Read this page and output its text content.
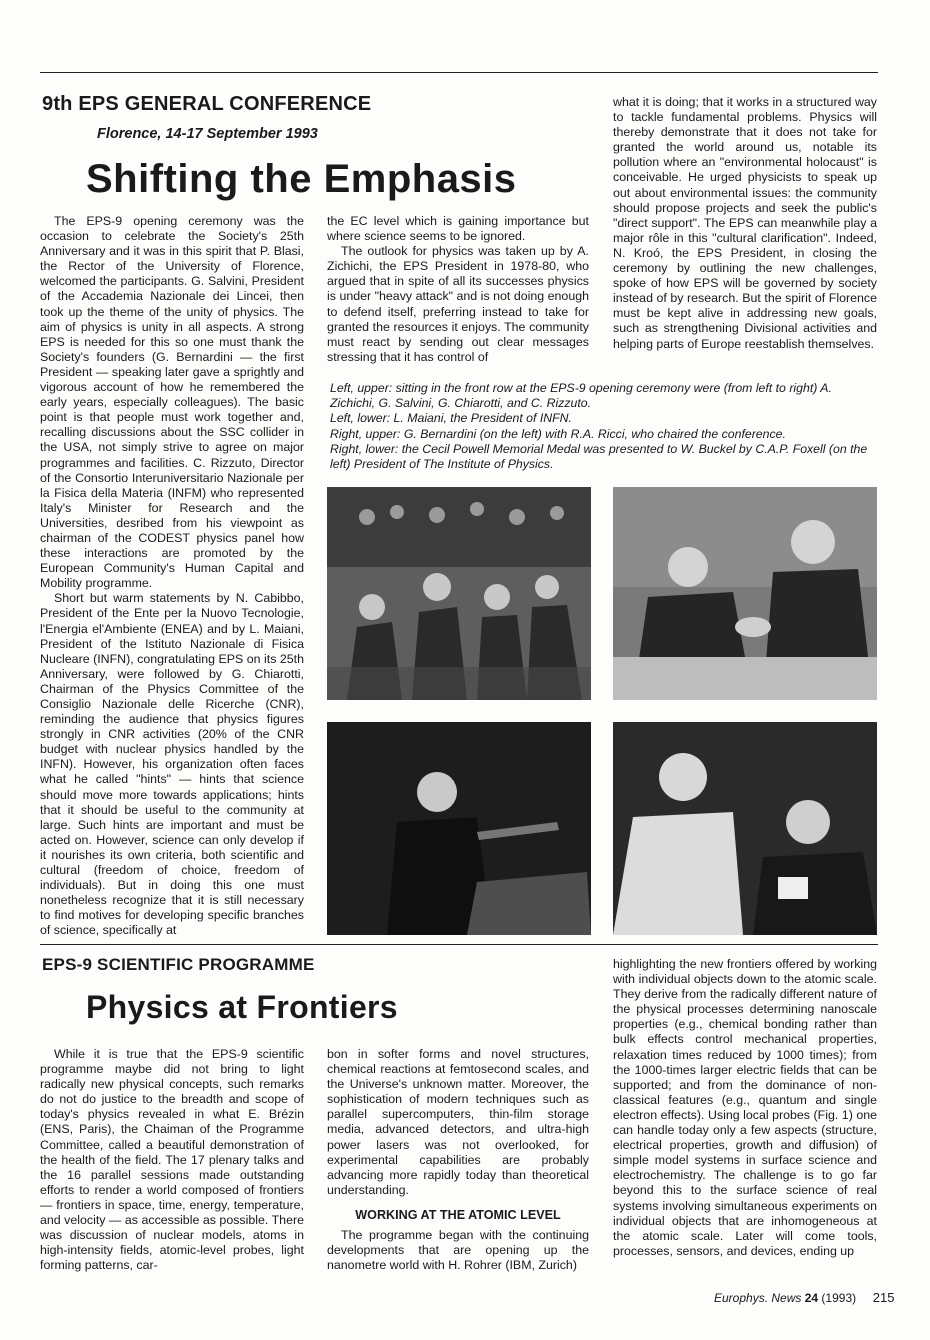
9th EPS GENERAL CONFERENCE
Florence, 14-17 September 1993
Shifting the Emphasis

The EPS-9 opening ceremony was the occasion to celebrate the Society's 25th Anniversary and it was in this spirit that P. Blasi, the Rector of the University of Florence, welcomed the participants. G. Salvini, President of the Accademia Nazionale dei Lincei, then took up the theme of the unity of physics. The aim of physics is unity in all aspects. A strong EPS is needed for this so one must thank the Society's founders (G. Bernardini — the first President — speaking later gave a sprightly and vigorous account of how he remembered the early years, especially colleagues). The basic point is that people must work together and, recalling discussions about the SSC collider in the USA, not simply strive to agree on major programmes and facilities. C. Rizzuto, Director of the Consortio Interuniversitario Nazionale per la Fisica della Materia (INFM) who represented Italy's Minister for Research and the Universities, desribed from his viewpoint as chairman of the CODEST physics panel how these interactions are promoted by the European Community's Human Capital and Mobility programme.

Short but warm statements by N. Cabibbo, President of the Ente per la Nuovo Tecnologie, l'Energia el'Ambiente (ENEA) and by L. Maiani, President of the Istituto Nazionale di Fisica Nucleare (INFN), congratulating EPS on its 25th Anniversary, were followed by G. Chiarotti, Chairman of the Physics Committee of the Consiglio Nazionale delle Ricerche (CNR), reminding the audience that physics figures strongly in CNR activities (20% of the CNR budget with nuclear physics handled by the INFN). However, his organization often faces what he called "hints" — hints that science should move more towards applications; hints that it should be useful to the community at large. Such hints are important and must be acted on. However, science can only develop if it nourishes its own criteria, both scientific and cultural (freedom of choice, freedom of individuals). But in doing this one must nonetheless recognize that it is still necessary to find motives for developing specific branches of science, specifically at

the EC level which is gaining importance but where science seems to be ignored.

The outlook for physics was taken up by A. Zichichi, the EPS President in 1978-80, who argued that in spite of all its successes physics is under "heavy attack" and is not doing enough to defend itself, preferring instead to take for granted the resources it enjoys. The community must react by sending out clear messages stressing that it has control of

what it is doing; that it works in a structured way to tackle fundamental problems. Physics will thereby demonstrate that it does not take for granted the world around us, notable its pollution where an "environmental holocaust" is conceivable. He urged physicists to speak up out about environmental issues: the community should propose projects and seek the public's "direct support". The EPS can meanwhile play a major rôle in this "cultural clarification". Indeed, N. Kroó, the EPS President, in closing the ceremony by outlining the new challenges, spoke of how EPS will be governed by society instead of by research. But the spirit of Florence must be kept alive in addressing new goals, such as strengthening Divisional activities and helping parts of Europe reestablish themselves.

Left, upper: sitting in the front row at the EPS-9 opening ceremony were (from left to right) A. Zichichi, G. Salvini, G. Chiarotti, and C. Rizzuto.
Left, lower: L. Maiani, the President of INFN.
Right, upper: G. Bernardini (on the left) with R.A. Ricci, who chaired the conference.
Right, lower: the Cecil Powell Memorial Medal was presented to W. Buckel by C.A.P. Foxell (on the left) President of The Institute of Physics.
EPS-9 SCIENTIFIC PROGRAMME
Physics at Frontiers

While it is true that the EPS-9 scientific programme maybe did not bring to light radically new physical concepts, such remarks do not do justice to the breadth and scope of today's physics revealed in what E. Brézin (ENS, Paris), the Chaiman of the Programme Committee, called a beautiful demonstration of the health of the field. The 17 plenary talks and the 16 parallel sessions made outstanding efforts to render a world composed of frontiers — frontiers in space, time, energy, temperature, and velocity — as accessible as possible. There was discussion of nuclear models, atoms in high-intensity fields, atomic-level probes, light forming patterns, car-

bon in softer forms and novel structures, chemical reactions at femtosecond scales, and the Universe's unknown matter. Moreover, the sophistication of modern techniques such as parallel supercomputers, thin-film storage media, advanced detectors, and ultra-high power lasers was not overlooked, for experimental capabilities are probably advancing more rapidly today than theoretical understanding.

WORKING AT THE ATOMIC LEVEL

The programme began with the continuing developments that are opening up the nanometre world with H. Rohrer (IBM, Zurich)

highlighting the new frontiers offered by working with individual objects down to the atomic scale. They derive from the radically different nature of the physical processes determining nanoscale properties (e.g., chemical bonding rather than bulk effects control mechanical properties, relaxation times reduced by 1000 times); from the 1000-times larger electric fields that can be supported; and from the dominance of non-classical features (e.g., quantum and single electron effects). Using local probes (Fig. 1) one can handle today only a few aspects (structure, electrical properties, growth and diffusion) of simple model systems in surface science and electrochemistry. The challenge is to go far beyond this to the surface science of real systems involving simultaneous experiments on individual objects that are inhomogeneous at the atomic scale. Later will come tools, processes, sensors, and devices, ending up

Europhys. News 24 (1993) 215
